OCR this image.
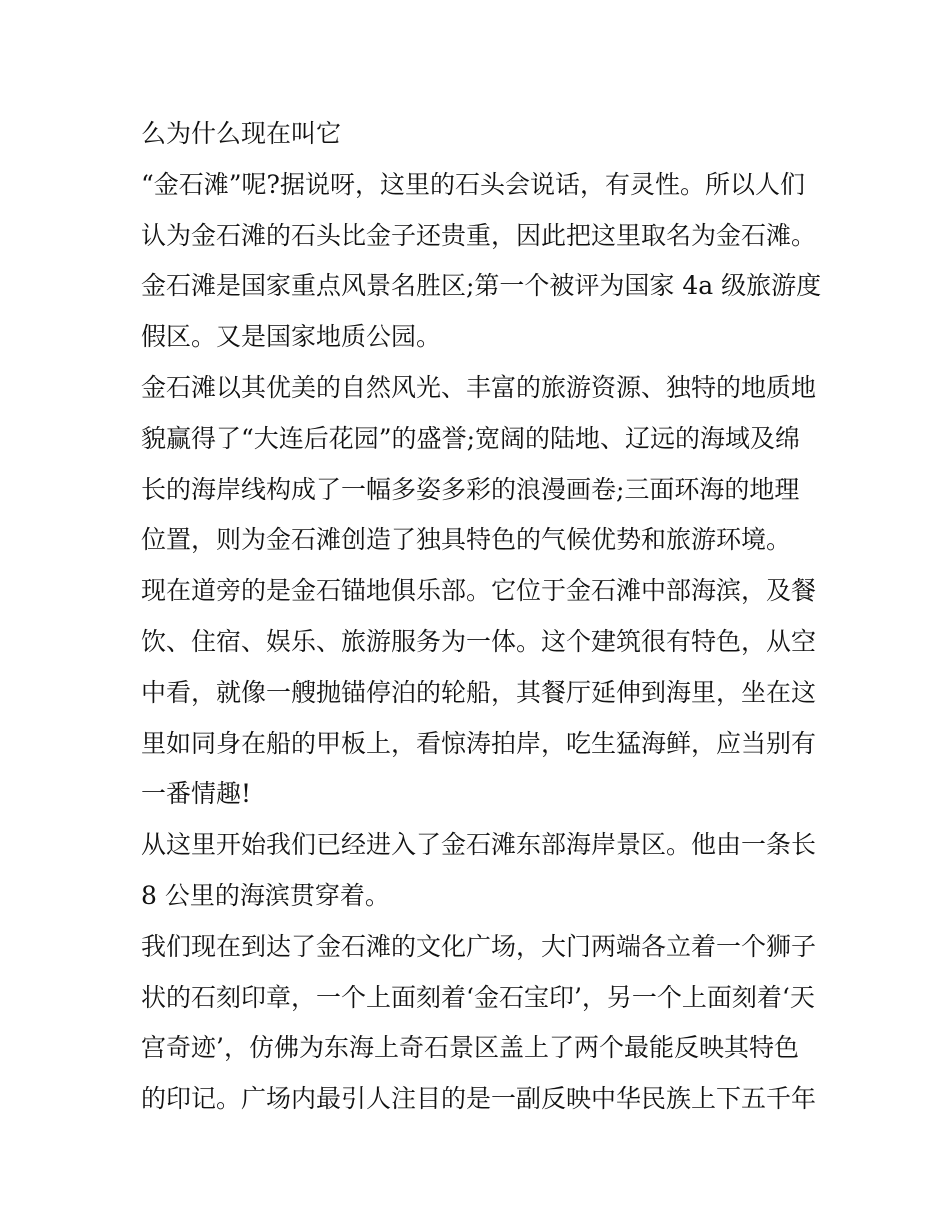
么为什么现在叫它
“金石滩”呢?据说呀，这里的石头会说话，有灵性。所以人们
认为金石滩的石头比金子还贵重，因此把这里取名为金石滩。
金石滩是国家重点风景名胜区;第一个被评为国家 4a 级旅游度
假区。又是国家地质公园。
金石滩以其优美的自然风光、丰富的旅游资源、独特的地质地
貌赢得了“大连后花园”的盛誉;宽阔的陆地、辽远的海域及绵
长的海岸线构成了一幅多姿多彩的浪漫画卷;三面环海的地理
位置，则为金石滩创造了独具特色的气候优势和旅游环境。
现在道旁的是金石锚地俱乐部。它位于金石滩中部海滨，及餐
饮、住宿、娱乐、旅游服务为一体。这个建筑很有特色，从空
中看，就像一艘抛锚停泊的轮船，其餐厅延伸到海里，坐在这
里如同身在船的甲板上，看惊涛拍岸，吃生猛海鲜，应当别有
一番情趣!
从这里开始我们已经进入了金石滩东部海岸景区。他由一条长
8 公里的海滨贯穿着。
我们现在到达了金石滩的文化广场，大门两端各立着一个狮子
状的石刻印章，一个上面刻着‘金石宝印’，另一个上面刻着‘天
宫奇迹’，仿佛为东海上奇石景区盖上了两个最能反映其特色
的印记。广场内最引人注目的是一副反映中华民族上下五千年
